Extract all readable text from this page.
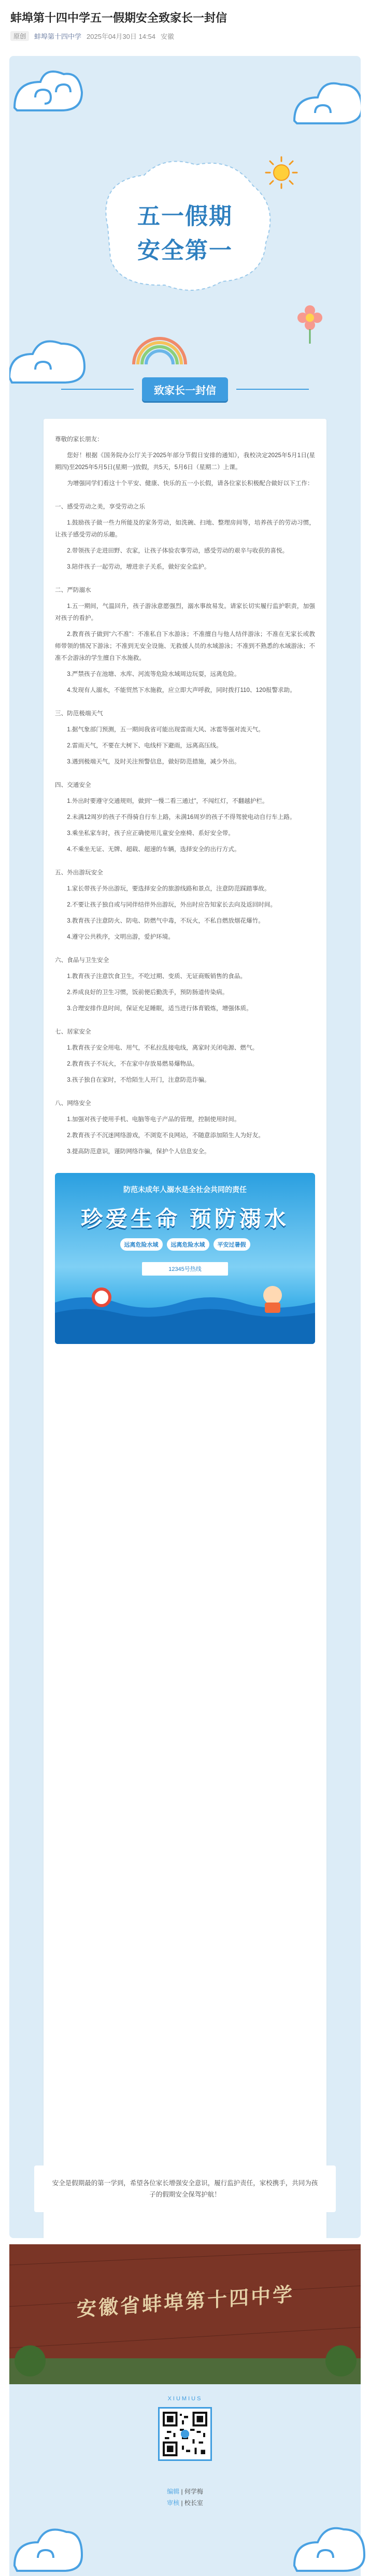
蚌埠第十四中学五一假期安全致家长一封信
原创	蚌埠第十四中学 2025年04月30日 14:54 安徽
五一假期
安全第一
致家长一封信

尊敬的家长朋友：

您好！根据《国务院办公厅关于2025年部分节假日安排的通知》，我校决定2025年5月1日(星期四)至2025年5月5日(星期一)放假，共5天，5月6日（星期二）上课。

为增强同学们看这十个平安、健康、快乐的五一小长假，请各位家长积极配合做好以下工作：

一、感受劳动之美，享受劳动之乐

1.鼓励孩子做一些力所能及的家务劳动，如洗碗、扫地、整理房间等，培养孩子的劳动习惯，让孩子感受劳动的乐趣。

2.带领孩子走进田野、农家，让孩子体验农事劳动，感受劳动的艰辛与收获的喜悦。

3.陪伴孩子一起劳动，增进亲子关系，做好安全监护。

二、严防溺水

1.五一期间，气温回升，孩子游泳意愿强烈，溺水事故易发。请家长切实履行监护职责，加强对孩子的看护。

2.教育孩子做到“六不准”：不准私自下水游泳；不准擅自与他人结伴游泳；不准在无家长或教师带领的情况下游泳；不准到无安全设施、无救援人员的水域游泳；不准到不熟悉的水域游泳；不准不会游泳的学生擅自下水施救。

3.严禁孩子在池塘、水库、河流等危险水域周边玩耍，远离危险。

4.发现有人溺水，不能贸然下水施救，应立即大声呼救，同时拨打110、120报警求助。

三、防范极端天气

1.据气象部门预测，五一期间我省可能出现雷雨大风、冰雹等强对流天气。

2.雷雨天气，不要在大树下、电线杆下避雨，远离高压线。

3.遇到极端天气，及时关注预警信息，做好防范措施，减少外出。

四、交通安全

1.外出时要遵守交通规则，做到“一慢二看三通过”，不闯红灯，不翻越护栏。

2.未满12周岁的孩子不得骑自行车上路，未满16周岁的孩子不得驾驶电动自行车上路。

3.乘坐私家车时，孩子应正确使用儿童安全座椅、系好安全带。

4.不乘坐无证、无牌、超载、超速的车辆，选择安全的出行方式。

五、外出游玩安全

1.家长带孩子外出游玩，要选择安全的旅游线路和景点，注意防范踩踏事故。

2.不要让孩子独自或与同伴结伴外出游玩，外出时应告知家长去向及返回时间。

3.教育孩子注意防火、防电、防燃气中毒，不玩火，不私自燃放烟花爆竹。

4.遵守公共秩序，文明出游，爱护环境。

六、食品与卫生安全

1.教育孩子注意饮食卫生，不吃过期、变质、无证商贩销售的食品。

2.养成良好的卫生习惯，饭前便后勤洗手，预防肠道传染病。

3.合理安排作息时间，保证充足睡眠，适当进行体育锻炼，增强体质。

七、居家安全

1.教育孩子安全用电、用气，不私拉乱接电线，离家时关闭电源、燃气。

2.教育孩子不玩火，不在家中存放易燃易爆物品。

3.孩子独自在家时，不给陌生人开门，注意防范诈骗。

八、网络安全

1.加强对孩子使用手机、电脑等电子产品的管理，控制使用时间。

2.教育孩子不沉迷网络游戏，不浏览不良网站，不随意添加陌生人为好友。

3.提高防范意识，谨防网络诈骗，保护个人信息安全。

防范未成年人溺水是全社会共同的责任
珍爱生命 预防溺水
远离危险水域	远离危险水域	平安过暑假
12345号热线

安全是假期最的第一学到，希望各位家长增强安全意识，履行监护责任，家校携手，共同为孩子的假期安全保驾护航！

安徽省蚌埠第十四中学
XIUMIUS
编辑 | 何学梅
审核 | 校长室
